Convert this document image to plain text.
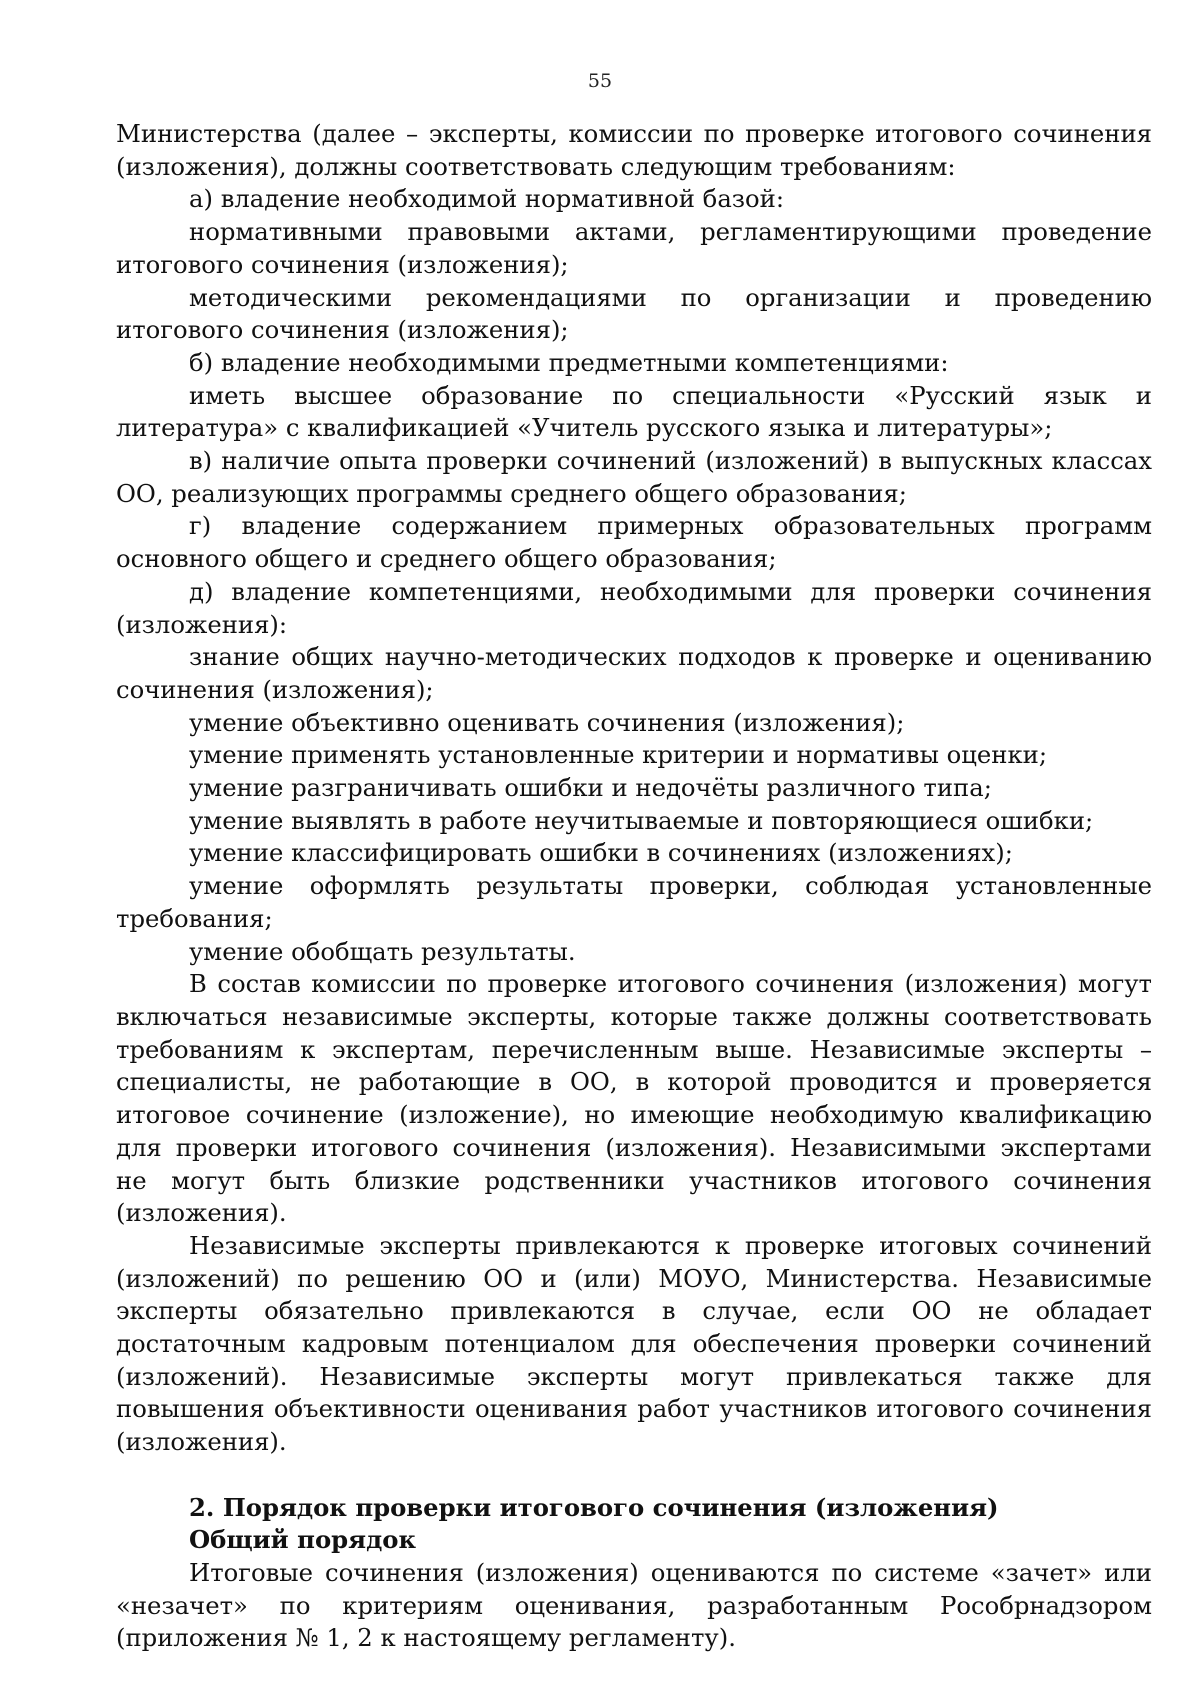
55

Министерства (далее – эксперты, комиссии по проверке итогового сочинения (изложения), должны соответствовать следующим требованиям:

а) владение необходимой нормативной базой:

нормативными правовыми актами, регламентирующими проведение итогового сочинения (изложения);

методическими рекомендациями по организации и проведению итогового сочинения (изложения);

б) владение необходимыми предметными компетенциями:

иметь высшее образование по специальности «Русский язык и литература» с квалификацией «Учитель русского языка и литературы»;

в) наличие опыта проверки сочинений (изложений) в выпускных классах ОО, реализующих программы среднего общего образования;

г) владение содержанием примерных образовательных программ основного общего и среднего общего образования;

д) владение компетенциями, необходимыми для проверки сочинения (изложения):

знание общих научно-методических подходов к проверке и оцениванию сочинения (изложения);

умение объективно оценивать сочинения (изложения);

умение применять установленные критерии и нормативы оценки;

умение разграничивать ошибки и недочёты различного типа;

умение выявлять в работе неучитываемые и повторяющиеся ошибки;

умение классифицировать ошибки в сочинениях (изложениях);

умение оформлять результаты проверки, соблюдая установленные требования;

умение обобщать результаты.

В состав комиссии по проверке итогового сочинения (изложения) могут включаться независимые эксперты, которые также должны соответствовать требованиям к экспертам, перечисленным выше. Независимые эксперты – специалисты, не работающие в ОО, в которой проводится и проверяется итоговое сочинение (изложение), но имеющие необходимую квалификацию для проверки итогового сочинения (изложения). Независимыми экспертами не могут быть близкие родственники участников итогового сочинения (изложения).

Независимые эксперты привлекаются к проверке итоговых сочинений (изложений) по решению ОО и (или) МОУО, Министерства. Независимые эксперты обязательно привлекаются в случае, если ОО не обладает достаточным кадровым потенциалом для обеспечения проверки сочинений (изложений). Независимые эксперты могут привлекаться также для повышения объективности оценивания работ участников итогового сочинения (изложения).

2. Порядок проверки итогового сочинения (изложения)
Общий порядок

Итоговые сочинения (изложения) оцениваются по системе «зачет» или «незачет» по критериям оценивания, разработанным Рособрнадзором (приложения № 1, 2 к настоящему регламенту).
